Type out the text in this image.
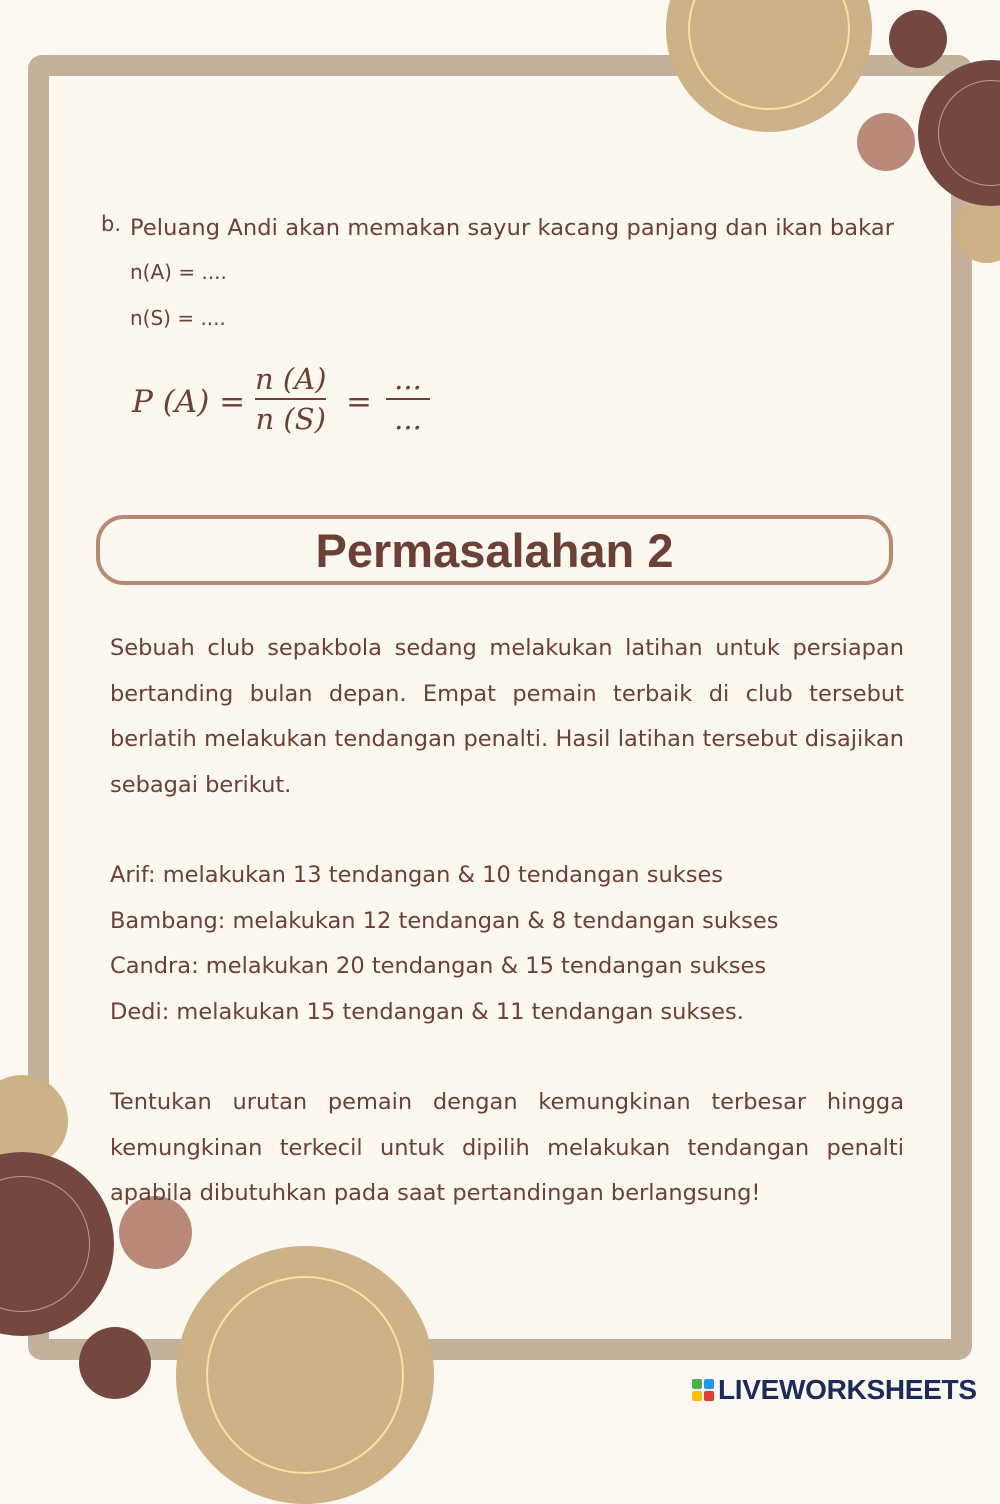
b. Peluang Andi akan memakan sayur kacang panjang dan ikan bakar
n(A) = ....
n(S) = ....
P (A) =
n (A)
n (S) =
...
...
Permasalahan 2
Sebuah club sepakbola sedang melakukan latihan untuk persiapan bertanding bulan depan. Empat pemain terbaik di club tersebut berlatih melakukan tendangan penalti. Hasil latihan tersebut disajikan sebagai berikut.
Arif: melakukan 13 tendangan & 10 tendangan sukses
Bambang: melakukan 12 tendangan & 8 tendangan sukses
Candra: melakukan 20 tendangan & 15 tendangan sukses
Dedi: melakukan 15 tendangan & 11 tendangan sukses.
Tentukan urutan pemain dengan kemungkinan terbesar hingga kemungkinan terkecil untuk dipilih melakukan tendangan penalti apabila dibutuhkan pada saat pertandingan berlangsung!
LIVEWORKSHEETS
